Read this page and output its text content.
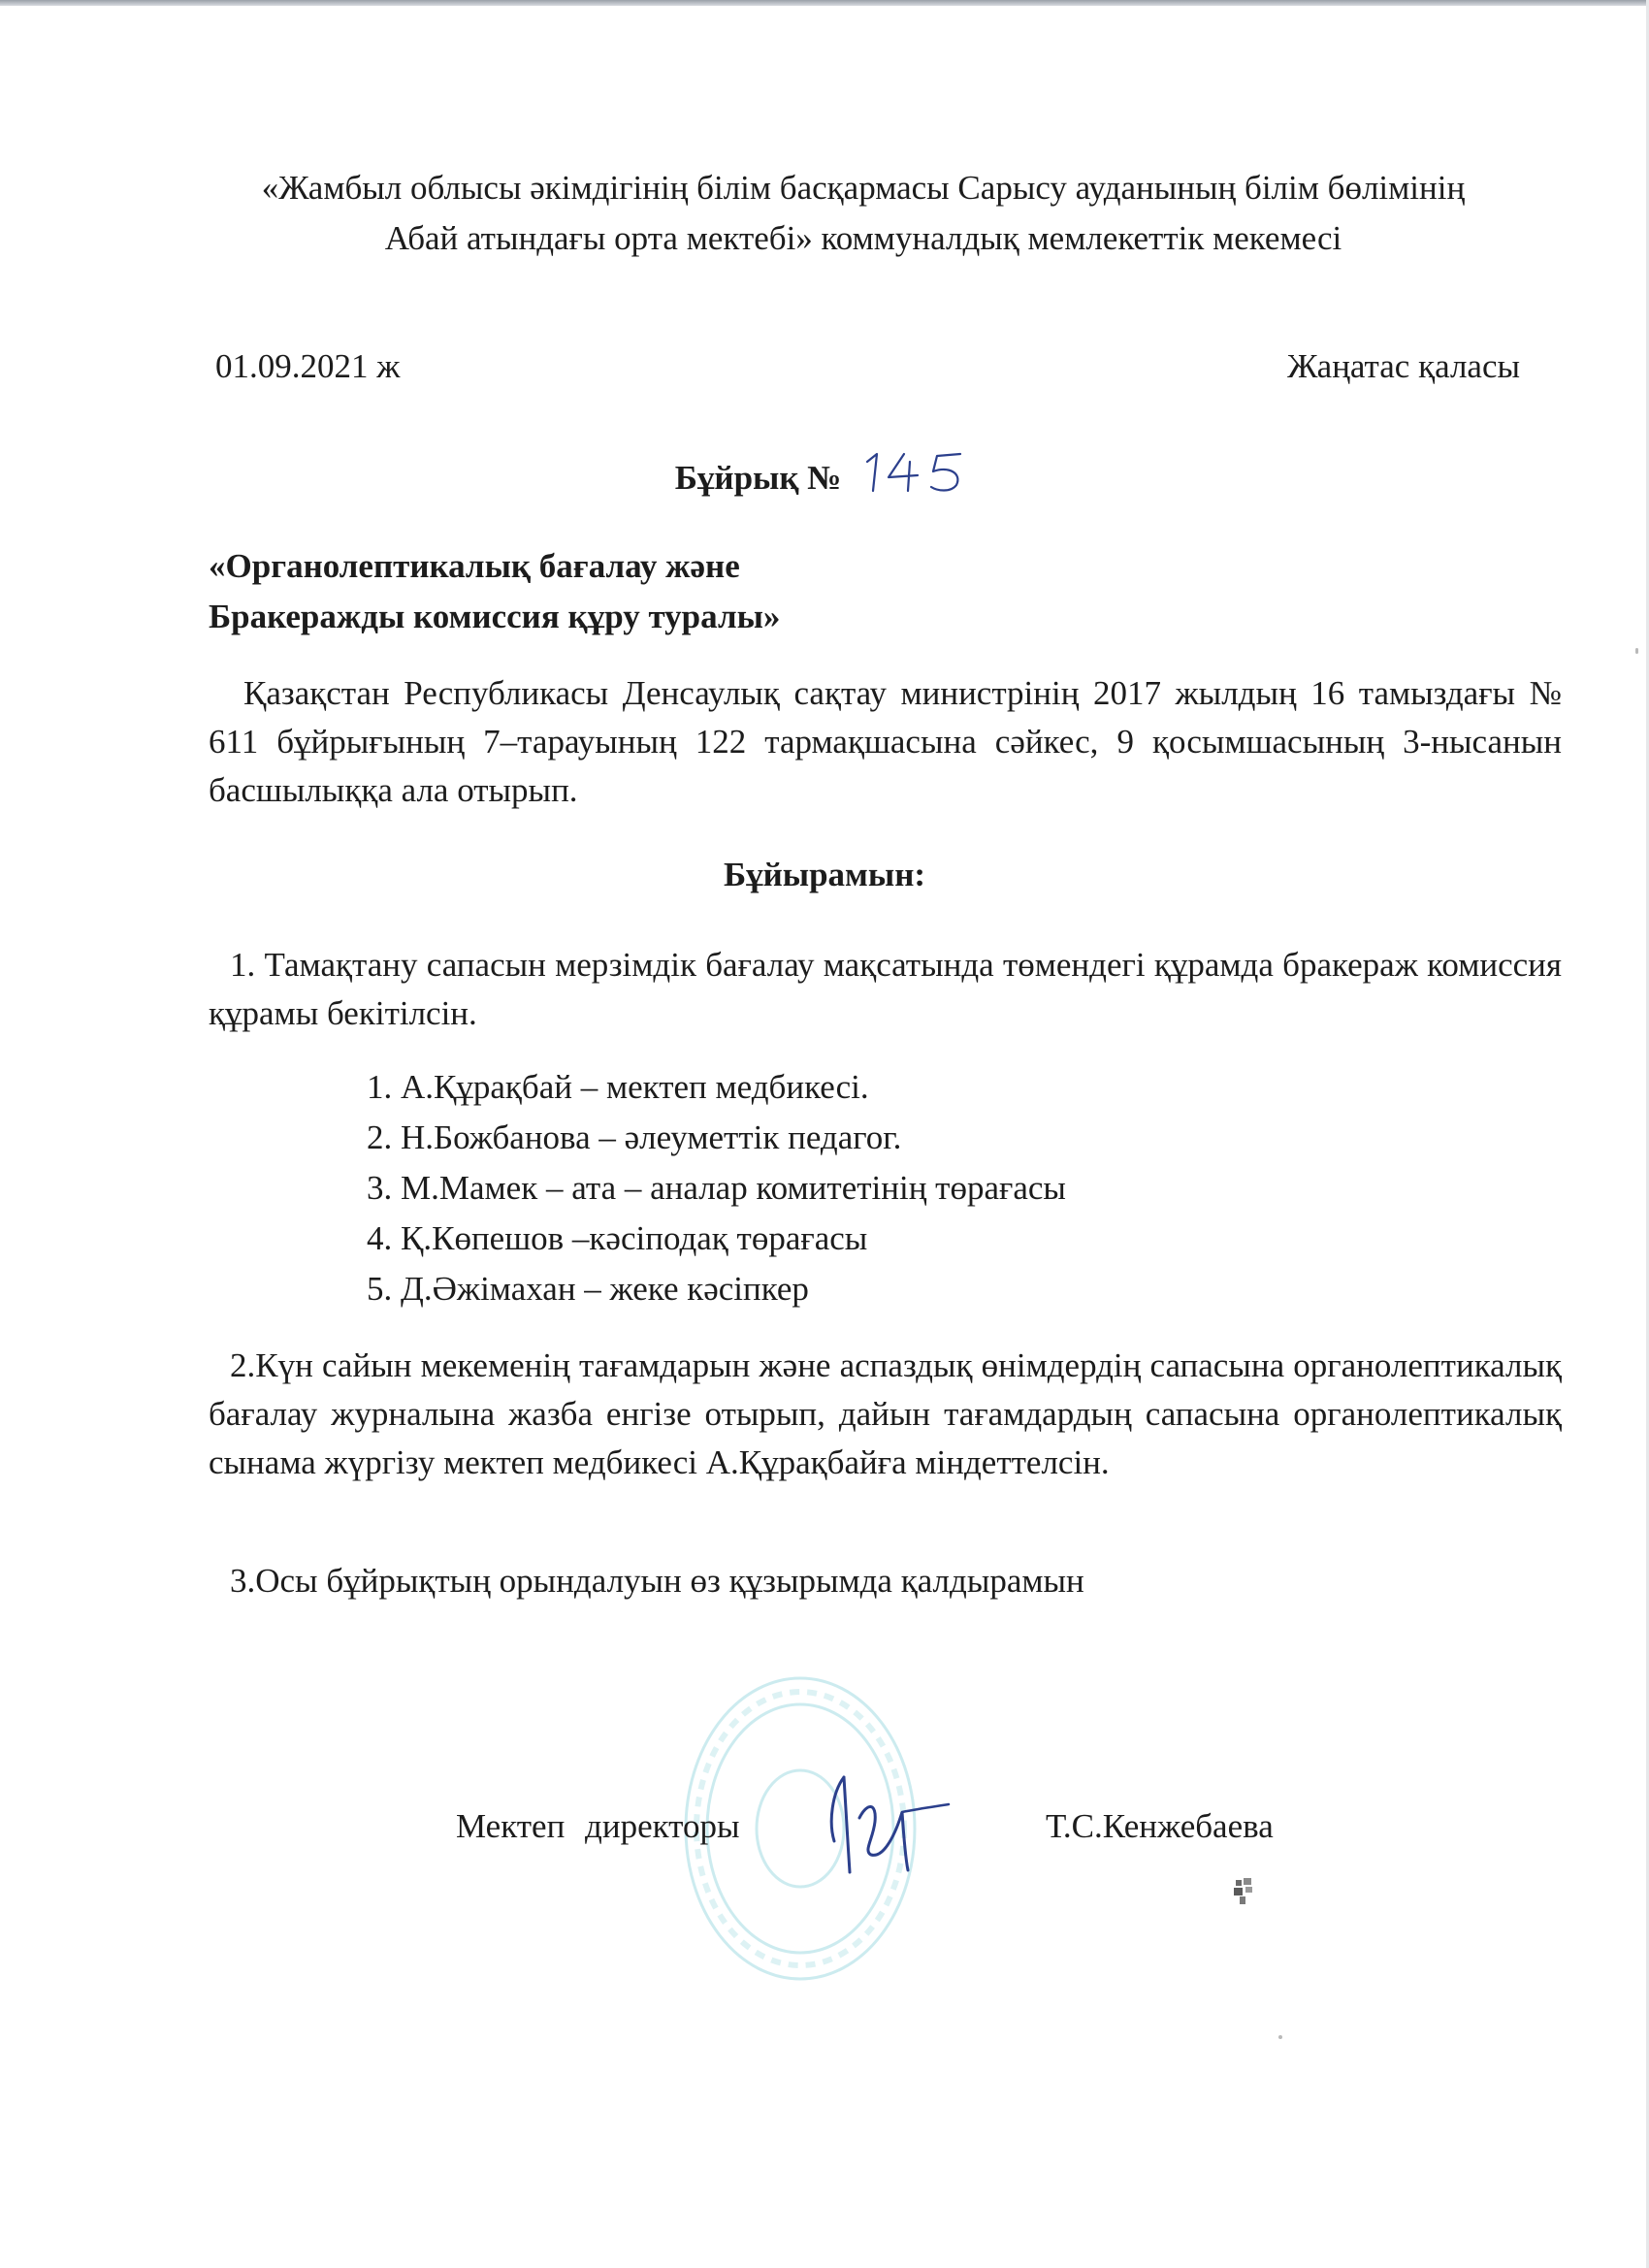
«Жамбыл облысы әкімдігінің білім басқармасы Сарысу ауданының білім бөлімінің

Абай атындағы орта мектебі» коммуналдық мемлекеттік мекемесі

01.09.2021 ж	Жаңатас қаласы
Бұйрық №

«Органолептикалық бағалау және

Бракеражды комиссия құру туралы»

Қазақстан Республикасы Денсаулық сақтау министрінің 2017 жылдың 16 тамыздағы № 611 бұйрығының 7–тарауының 122 тармақшасына сәйкес, 9 қосымшасының 3-нысанын басшылыққа ала отырып.

Бұйырамын:

1. Тамақтану сапасын мерзімдік бағалау мақсатында төмендегі құрамда бракераж комиссия құрамы бекітілсін.

1. А.Құрақбай – мектеп медбикесі.
2. Н.Божбанова – әлеуметтік педагог.
3. М.Мамек – ата – аналар комитетінің төрағасы
4. Қ.Көпешов –кәсіподақ төрағасы
5. Д.Әжімахан – жеке кәсіпкер

2.Күн сайын мекеменің тағамдарын және аспаздық өнімдердің сапасына органолептикалық бағалау журналына жазба енгізе отырып, дайын тағамдардың сапасына органолептикалық сынама жүргізу мектеп медбикесі А.Құрақбайға міндеттелсін.

3.Осы бұйрықтың орындалуын өз құзырымда қалдырамын

Мектеп директоры	Т.С.Кенжебаева
